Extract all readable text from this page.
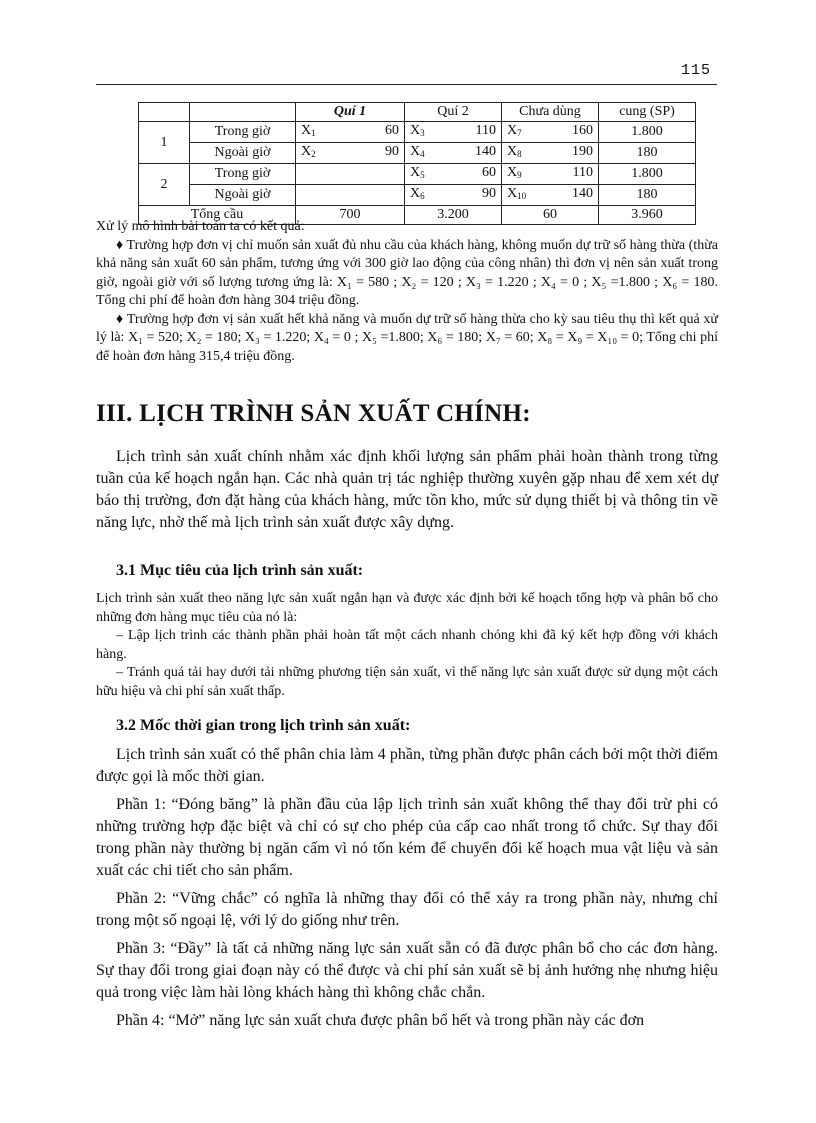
115
		Quí 1	Quí 2	Chưa dùng	cung (SP)
1	Trong giờ	$X_1$ 60	$X_3$ 110	$X_7$ 160	1.800
	Ngoài giờ	$X_2$ 90	$X_4$ 140	$X_8$ 190	180
2	Trong giờ		$X_5$ 60	$X_9$ 110	1.800
	Ngoài giờ		$X_6$ 90	$X_{10}$ 140	180
Tổng cầu		700	3.200	60	3.960

Xử lý mô hình bài toán ta có kết quả:

♦ Trường hợp đơn vị chỉ muốn sản xuất đủ nhu cầu của khách hàng, không muốn dự trữ số hàng thừa (thừa khả năng sản xuất 60 sản phẩm, tương ứng với 300 giờ lao động của công nhân) thì đơn vị nên sản xuất trong giờ, ngoài giờ với số lượng tương ứng là: X₁ = 580 ; X₂ = 120 ; X₃ = 1.220 ; X₄ = 0 ; X₅ =1.800 ; X₆ = 180. Tổng chi phí để hoàn đơn hàng 304 triệu đồng.

♦ Trường hợp đơn vị sản xuất hết khả năng và muốn dự trữ số hàng thừa cho kỳ sau tiêu thụ thì kết quả xử lý là: X₁ = 520; X₂ = 180; X₃ = 1.220; X₄ = 0 ; X₅ =1.800; X₆ = 180; X₇ = 60; X₈ = X₉ = X₁₀ = 0; Tổng chi phí để hoàn đơn hàng 315,4 triệu đồng.

III. LỊCH TRÌNH SẢN XUẤT CHÍNH:

Lịch trình sản xuất chính nhằm xác định khối lượng sản phẩm phải hoàn thành trong từng tuần của kế hoạch ngắn hạn. Các nhà quản trị tác nghiệp thường xuyên gặp nhau để xem xét dự báo thị trường, đơn đặt hàng của khách hàng, mức tồn kho, mức sử dụng thiết bị và thông tin về năng lực, nhờ thế mà lịch trình sản xuất được xây dựng.

3.1 Mục tiêu của lịch trình sản xuất:

Lịch trình sản xuất theo năng lực sản xuất ngắn hạn và được xác định bởi kế hoạch tổng hợp và phân bổ cho những đơn hàng mục tiêu của nó là:

– Lập lịch trình các thành phần phải hoàn tất một cách nhanh chóng khi đã ký kết hợp đồng với khách hàng.

– Tránh quá tải hay dưới tải những phương tiện sản xuất, vì thế năng lực sản xuất được sử dụng một cách hữu hiệu và chi phí sản xuất thấp.

3.2 Mốc thời gian trong lịch trình sản xuất:

Lịch trình sản xuất có thể phân chia làm 4 phần, từng phần được phân cách bởi một thời điểm được gọi là mốc thời gian.

Phần 1: “Đóng băng” là phần đầu của lập lịch trình sản xuất không thể thay đổi trừ phi có những trường hợp đặc biệt và chỉ có sự cho phép của cấp cao nhất trong tổ chức. Sự thay đổi trong phần này thường bị ngăn cấm vì nó tốn kém để chuyển đổi kế hoạch mua vật liệu và sản xuất các chi tiết cho sản phẩm.

Phần 2: “Vững chắc” có nghĩa là những thay đổi có thể xảy ra trong phần này, nhưng chỉ trong một số ngoại lệ, với lý do giống như trên.

Phần 3: “Đầy” là tất cả những năng lực sản xuất sẵn có đã được phân bổ cho các đơn hàng. Sự thay đổi trong giai đoạn này có thể được và chi phí sản xuất sẽ bị ảnh hưởng nhẹ nhưng hiệu quả trong việc làm hài lòng khách hàng thì không chắc chắn.

Phần 4: “Mở” năng lực sản xuất chưa được phân bổ hết và trong phần này các đơn
